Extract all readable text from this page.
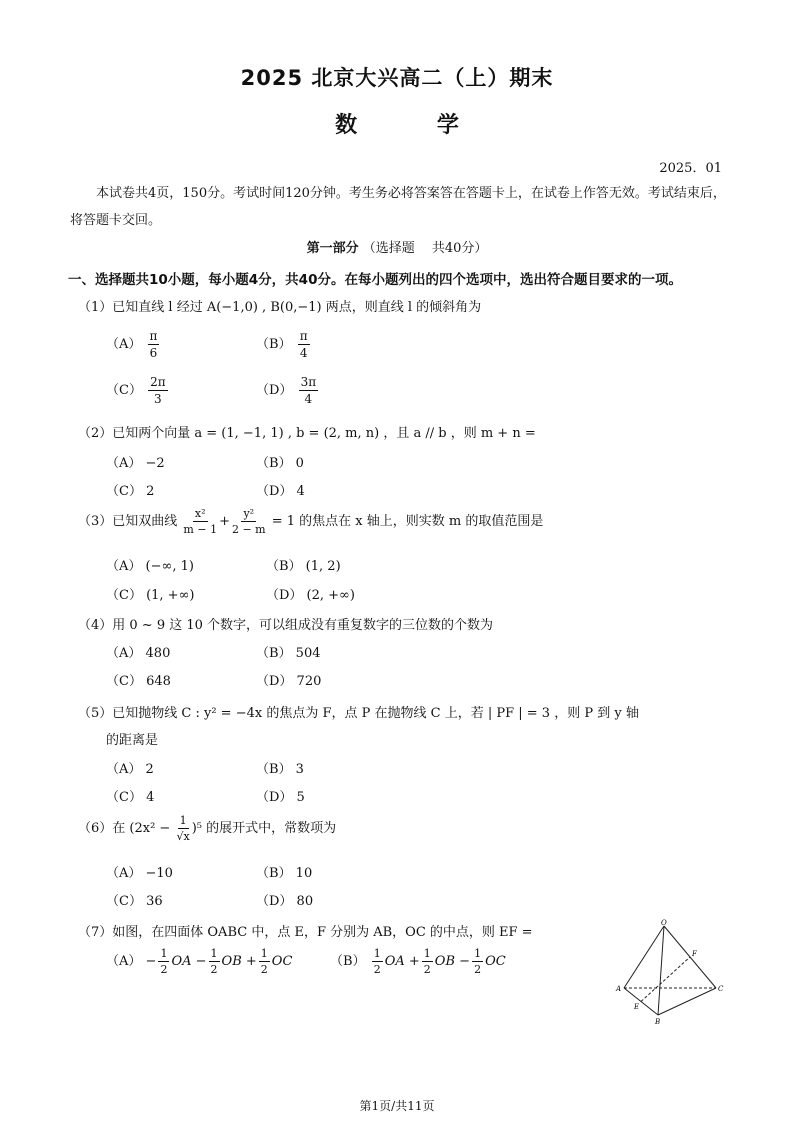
2025 北京大兴高二（上）期末
数 学
2025．01
本试卷共4页，150分。考试时间120分钟。考生务必将答案答在答题卡上，在试卷上作答无效。考试结束后，将答题卡交回。
第一部分 （选择题　 共40分）
一、选择题共10小题，每小题4分，共40分。在每小题列出的四个选项中，选出符合题目要求的一项。
（1）已知直线 l 经过 A(−1,0) , B(0,−1) 两点，则直线 l 的倾斜角为
$(A) \frac{\pi}{6}$	$(B) \frac{\pi}{4}$
$(C) \frac{2\pi}{3}$	$(D) \frac{3\pi}{4}$
（2）已知两个向量 a = (1, −1, 1) , b = (2, m, n) ，且 a // b ，则 m + n =
（A） −2	（B） 0
（C） 2	（D） 4
（3）已知双曲线 $\frac{\text{x²}}{m - 1} + \frac{\text{y²}}{2 - m} = 1$ 的焦点在 x 轴上，则实数 m 的取值范围是
（A） (−∞, 1)	（B） (1, 2)
（C） (1, +∞)	（D） (2, +∞)
（4）用 0 ~ 9 这 10 个数字，可以组成没有重复数字的三位数的个数为
（A） 480	（B） 504
（C） 648	（D） 720
（5）已知抛物线 C : y² = −4x 的焦点为 F，点 P 在抛物线 C 上，若 | PF | = 3 ，则 P 到 y 轴
的距离是
（A） 2	（B） 3
（C） 4	（D） 5
（6）在 $(2x^2 - \frac{1}{√x} )^5$ 的展开式中，常数项为
（A） −10	（B） 10
（C） 36	（D） 80
（7）如图，在四面体 OABC 中，点 E，F 分别为 AB，OC 的中点，则 EF =
$(A) - \frac{1}{2}$ OA − $\frac{1}{2}$ OB + $\frac{1}{2}$ OC	$(B) \frac{1}{2}$ OA + $\frac{1}{2}$ OB − $\frac{1}{2}$ OC
O
F
A	C
E
B
第1页/共11页
